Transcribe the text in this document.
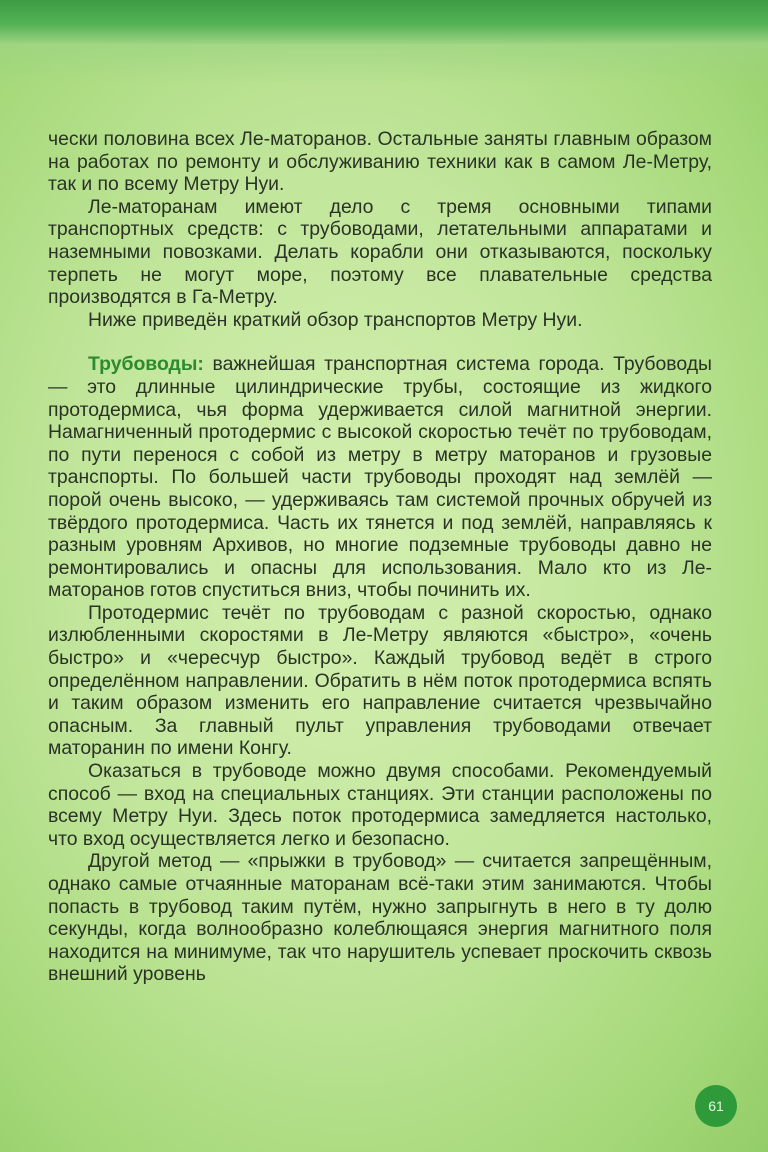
чески половина всех Ле-маторанов. Остальные заняты главным образом на работах по ремонту и обслуживанию техники как в самом Ле-Метру, так и по всему Метру Нуи.

Ле-маторанам имеют дело с тремя основными типами транспортных средств: с трубоводами, летательными аппаратами и наземными повозками. Делать корабли они отказываются, поскольку терпеть не могут море, поэтому все плавательные средства производятся в Га-Метру.

Ниже приведён краткий обзор транспортов Метру Нуи.

Трубоводы: важнейшая транспортная система города. Трубоводы — это длинные цилиндрические трубы, состоящие из жидкого протодермиса, чья форма удерживается силой магнитной энергии. Намагниченный протодермис с высокой скоростью течёт по трубоводам, по пути перенося с собой из метру в метру маторанов и грузовые транспорты. По большей части трубоводы проходят над землёй — порой очень высоко, — удерживаясь там системой прочных обручей из твёрдого протодермиса. Часть их тянется и под землёй, направляясь к разным уровням Архивов, но многие подземные трубоводы давно не ремонтировались и опасны для использования. Мало кто из Ле-маторанов готов спуститься вниз, чтобы починить их.

Протодермис течёт по трубоводам с разной скоростью, однако излюбленными скоростями в Ле-Метру являются «быстро», «очень быстро» и «чересчур быстро». Каждый трубовод ведёт в строго определённом направлении. Обратить в нём поток протодермиса вспять и таким образом изменить его направление считается чрезвычайно опасным. За главный пульт управления трубоводами отвечает маторанин по имени Конгу.

Оказаться в трубоводе можно двумя способами. Рекомендуемый способ — вход на специальных станциях. Эти станции расположены по всему Метру Нуи. Здесь поток протодермиса замедляется настолько, что вход осуществляется легко и безопасно.

Другой метод — «прыжки в трубовод» — считается запрещённым, однако самые отчаянные маторанам всё-таки этим занимаются. Чтобы попасть в трубовод таким путём, нужно запрыгнуть в него в ту долю секунды, когда волнообразно колеблющаяся энергия магнитного поля находится на минимуме, так что нарушитель успевает проскочить сквозь внешний уровень

61
